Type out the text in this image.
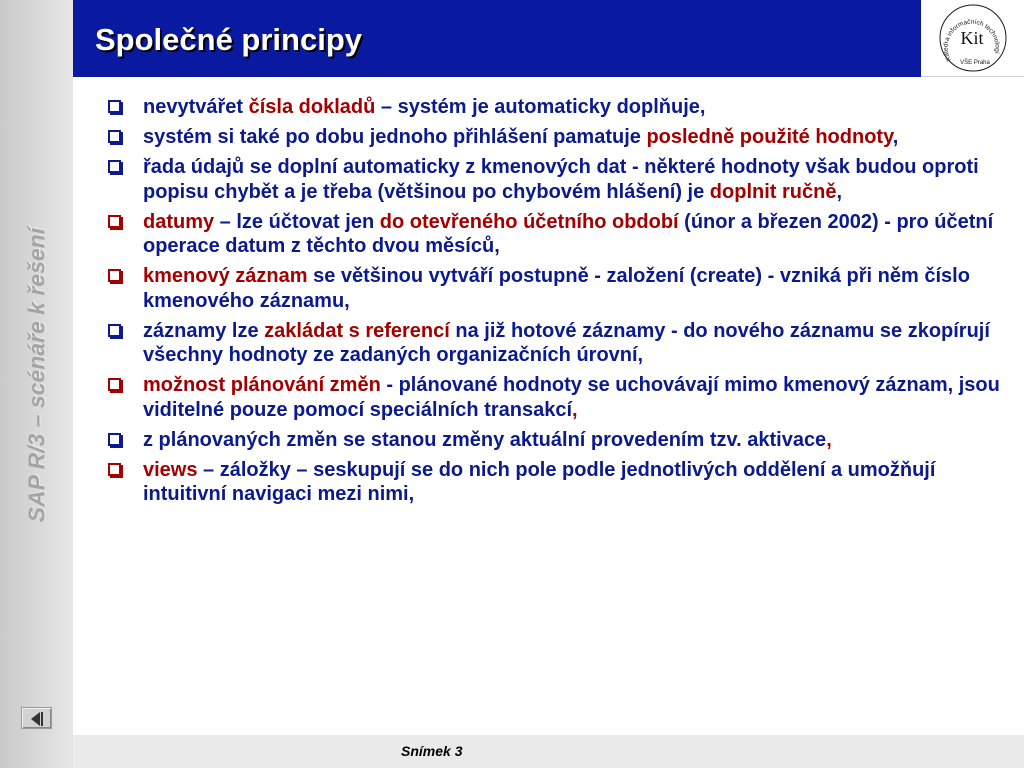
SAP R/3 – scénáře k řešení
Společné principy
Katedra informačních technologi
Kit
VŠE Praha
nevytvářet čísla dokladů – systém je automaticky doplňuje,
systém si také po dobu jednoho přihlášení pamatuje posledně použité hodnoty,
řada údajů se doplní automaticky z kmenových dat - některé hodnoty však budou oproti popisu chybět a je třeba (většinou po chybovém hlášení) je doplnit ručně,
datumy – lze účtovat jen do otevřeného účetního období (únor a březen 2002) - pro účetní operace datum z těchto dvou měsíců,
kmenový záznam se většinou vytváří postupně - založení (create) - vzniká při něm číslo kmenového záznamu,
záznamy lze zakládat s referencí na již hotové záznamy - do nového záznamu se zkopírují všechny hodnoty ze zadaných organizačních úrovní,
možnost plánování změn - plánované hodnoty se uchovávají mimo kmenový záznam, jsou viditelné pouze pomocí speciálních transakcí,
z plánovaných změn se stanou změny aktuální provedením tzv. aktivace,
views – záložky – seskupují se do nich pole podle jednotlivých oddělení a umožňují intuitivní navigaci mezi nimi,
Snímek 3
